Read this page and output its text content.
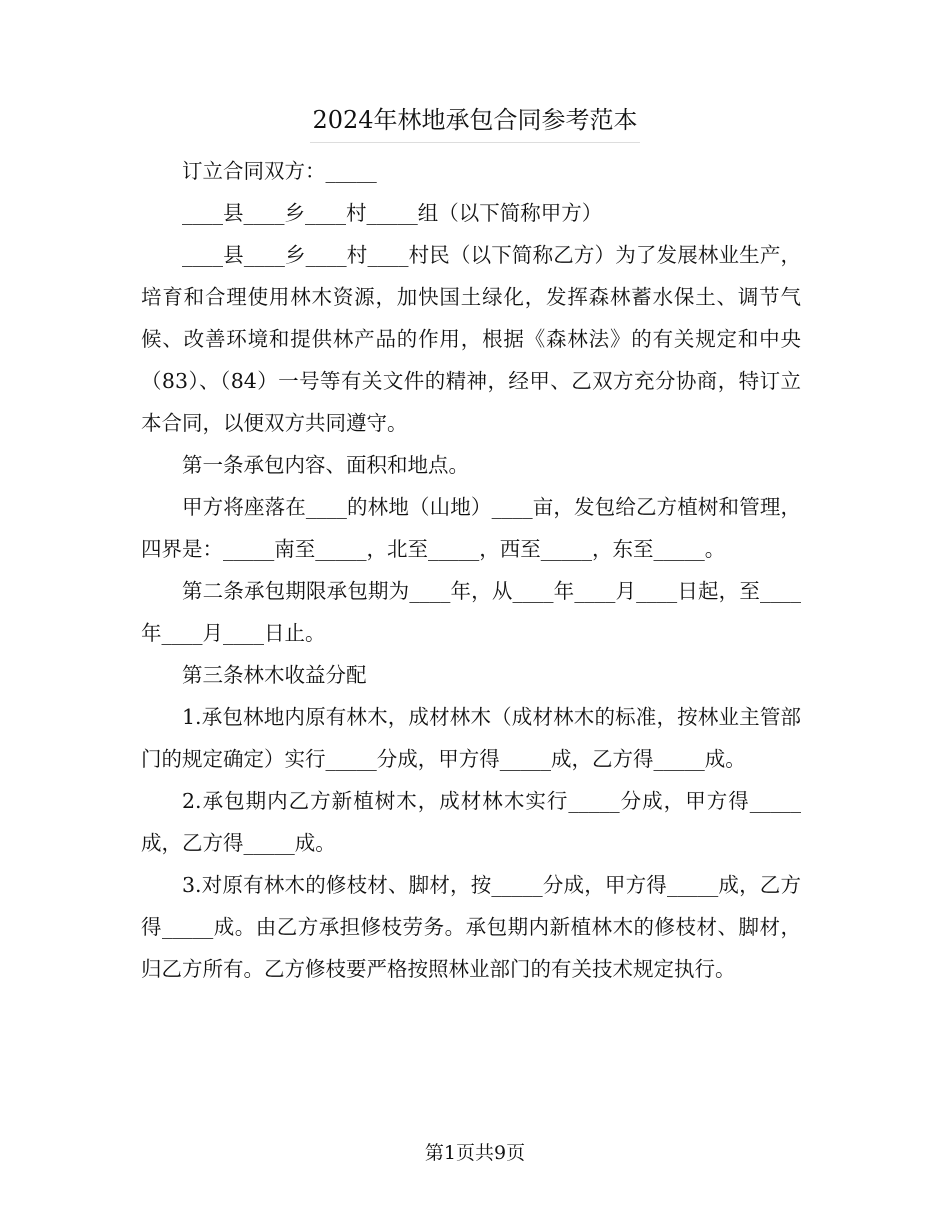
2024年林地承包合同参考范本

订立合同双方：_____

____县____乡____村_____组（以下简称甲方）

____县____乡____村____村民（以下简称乙方）为了发展林业生产，培育和合理使用林木资源，加快国土绿化，发挥森林蓄水保土、调节气候、改善环境和提供林产品的作用，根据《森林法》的有关规定和中央（83）、（84）一号等有关文件的精神，经甲、乙双方充分协商，特订立本合同，以便双方共同遵守。

第一条承包内容、面积和地点。

甲方将座落在____的林地（山地）____亩，发包给乙方植树和管理，四界是：_____南至_____，北至_____，西至_____，东至_____。

第二条承包期限承包期为____年，从____年____月____日起，至____年____月____日止。

第三条林木收益分配

1.承包林地内原有林木，成材林木（成材林木的标准，按林业主管部门的规定确定）实行_____分成，甲方得_____成，乙方得_____成。

2.承包期内乙方新植树木，成材林木实行_____分成，甲方得_____成，乙方得_____成。

3.对原有林木的修枝材、脚材，按_____分成，甲方得_____成，乙方得_____成。由乙方承担修枝劳务。承包期内新植林木的修枝材、脚材，归乙方所有。乙方修枝要严格按照林业部门的有关技术规定执行。

第1页共9页
